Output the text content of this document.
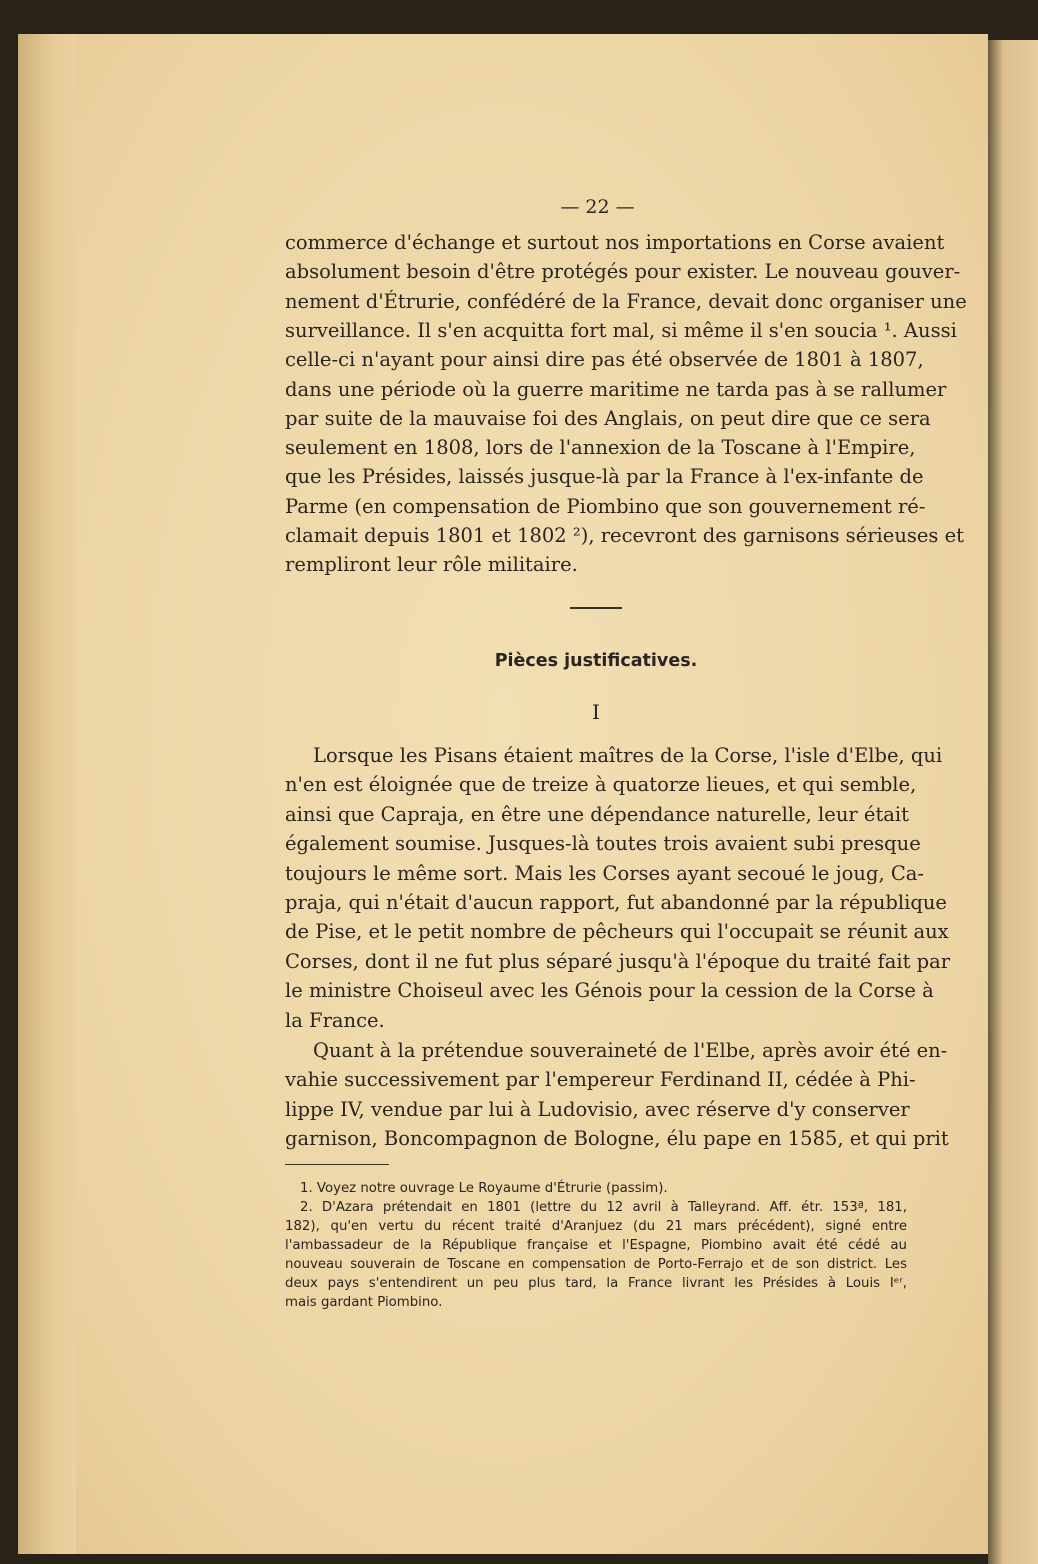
— 22 —
commerce d'échange et surtout nos importations en Corse avaient
absolument besoin d'être protégés pour exister. Le nouveau gouver-
nement d'Étrurie, confédéré de la France, devait donc organiser une
surveillance. Il s'en acquitta fort mal, si même il s'en soucia ¹. Aussi
celle-ci n'ayant pour ainsi dire pas été observée de 1801 à 1807,
dans une période où la guerre maritime ne tarda pas à se rallumer
par suite de la mauvaise foi des Anglais, on peut dire que ce sera
seulement en 1808, lors de l'annexion de la Toscane à l'Empire,
que les Présides, laissés jusque-là par la France à l'ex-infante de
Parme (en compensation de Piombino que son gouvernement ré-
clamait depuis 1801 et 1802 ²), recevront des garnisons sérieuses et
rempliront leur rôle militaire.
Pièces justificatives.
I
Lorsque les Pisans étaient maîtres de la Corse, l'isle d'Elbe, qui
n'en est éloignée que de treize à quatorze lieues, et qui semble,
ainsi que Capraja, en être une dépendance naturelle, leur était
également soumise. Jusques-là toutes trois avaient subi presque
toujours le même sort. Mais les Corses ayant secoué le joug, Ca-
praja, qui n'était d'aucun rapport, fut abandonné par la république
de Pise, et le petit nombre de pêcheurs qui l'occupait se réunit aux
Corses, dont il ne fut plus séparé jusqu'à l'époque du traité fait par
le ministre Choiseul avec les Génois pour la cession de la Corse à
la France.
Quant à la prétendue souveraineté de l'Elbe, après avoir été en-
vahie successivement par l'empereur Ferdinand II, cédée à Phi-
lippe IV, vendue par lui à Ludovisio, avec réserve d'y conserver
garnison, Boncompagnon de Bologne, élu pape en 1585, et qui prit
1. Voyez notre ouvrage Le Royaume d'Étrurie (passim).
2. D'Azara prétendait en 1801 (lettre du 12 avril à Talleyrand. Aff. étr. 153ª, 181,
182), qu'en vertu du récent traité d'Aranjuez (du 21 mars précédent), signé entre
l'ambassadeur de la République française et l'Espagne, Piombino avait été cédé au
nouveau souverain de Toscane en compensation de Porto-Ferrajo et de son district. Les
deux pays s'entendirent un peu plus tard, la France livrant les Présides à Louis Iᵉʳ,
mais gardant Piombino.
